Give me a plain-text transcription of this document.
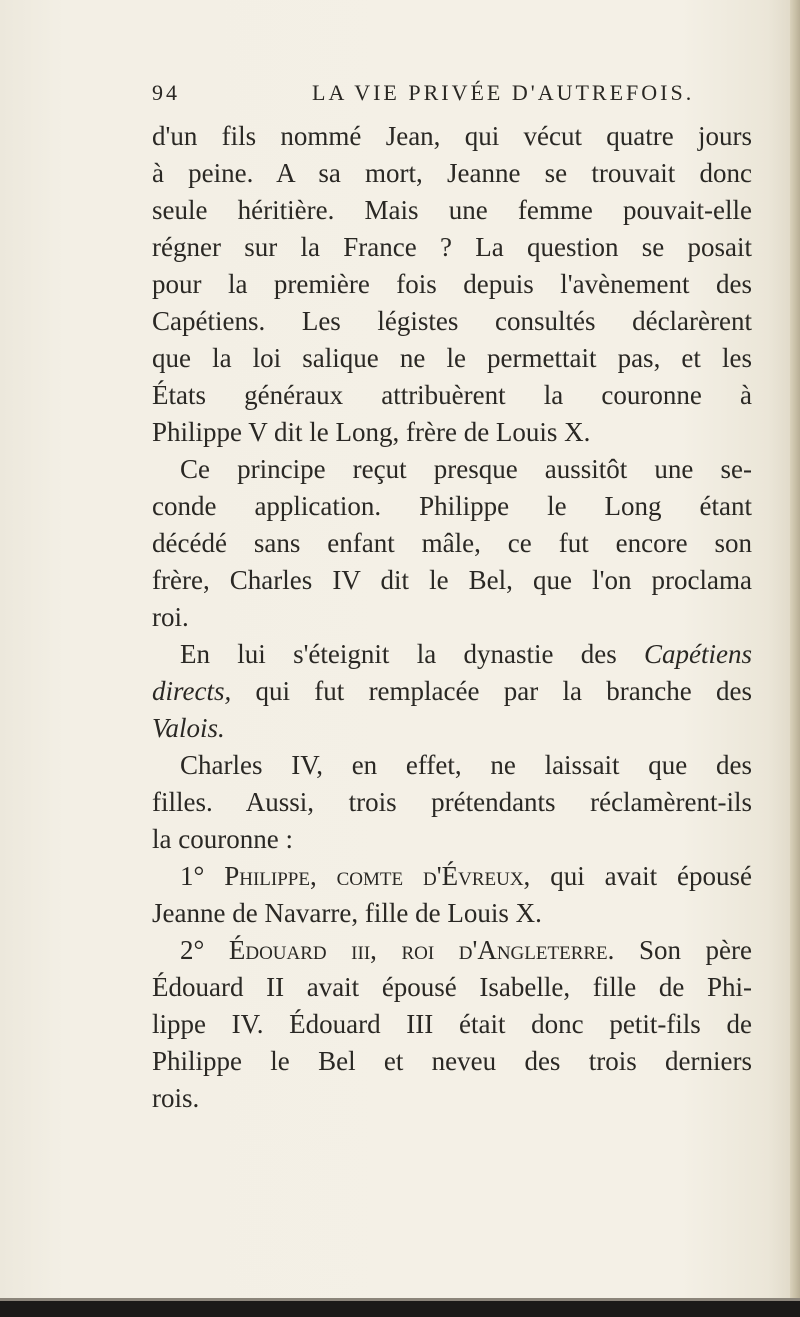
94	LA VIE PRIVÉE D'AUTREFOIS.
d'un fils nommé Jean, qui vécut quatre jours
à peine. A sa mort, Jeanne se trouvait donc
seule héritière. Mais une femme pouvait-elle
régner sur la France ? La question se posait
pour la première fois depuis l'avènement des
Capétiens. Les légistes consultés déclarèrent
que la loi salique ne le permettait pas, et les
États généraux attribuèrent la couronne à
Philippe V dit le Long, frère de Louis X.
Ce principe reçut presque aussitôt une se-
conde application. Philippe le Long étant
décédé sans enfant mâle, ce fut encore son
frère, Charles IV dit le Bel, que l'on proclama
roi.
En lui s'éteignit la dynastie des Capétiens
directs, qui fut remplacée par la branche des
Valois.
Charles IV, en effet, ne laissait que des
filles. Aussi, trois prétendants réclamèrent-ils
la couronne :
1° Philippe, comte d'Évreux, qui avait épousé
Jeanne de Navarre, fille de Louis X.
2° Édouard iii, roi d'Angleterre. Son père
Édouard II avait épousé Isabelle, fille de Phi-
lippe IV. Édouard III était donc petit-fils de
Philippe le Bel et neveu des trois derniers
rois.
